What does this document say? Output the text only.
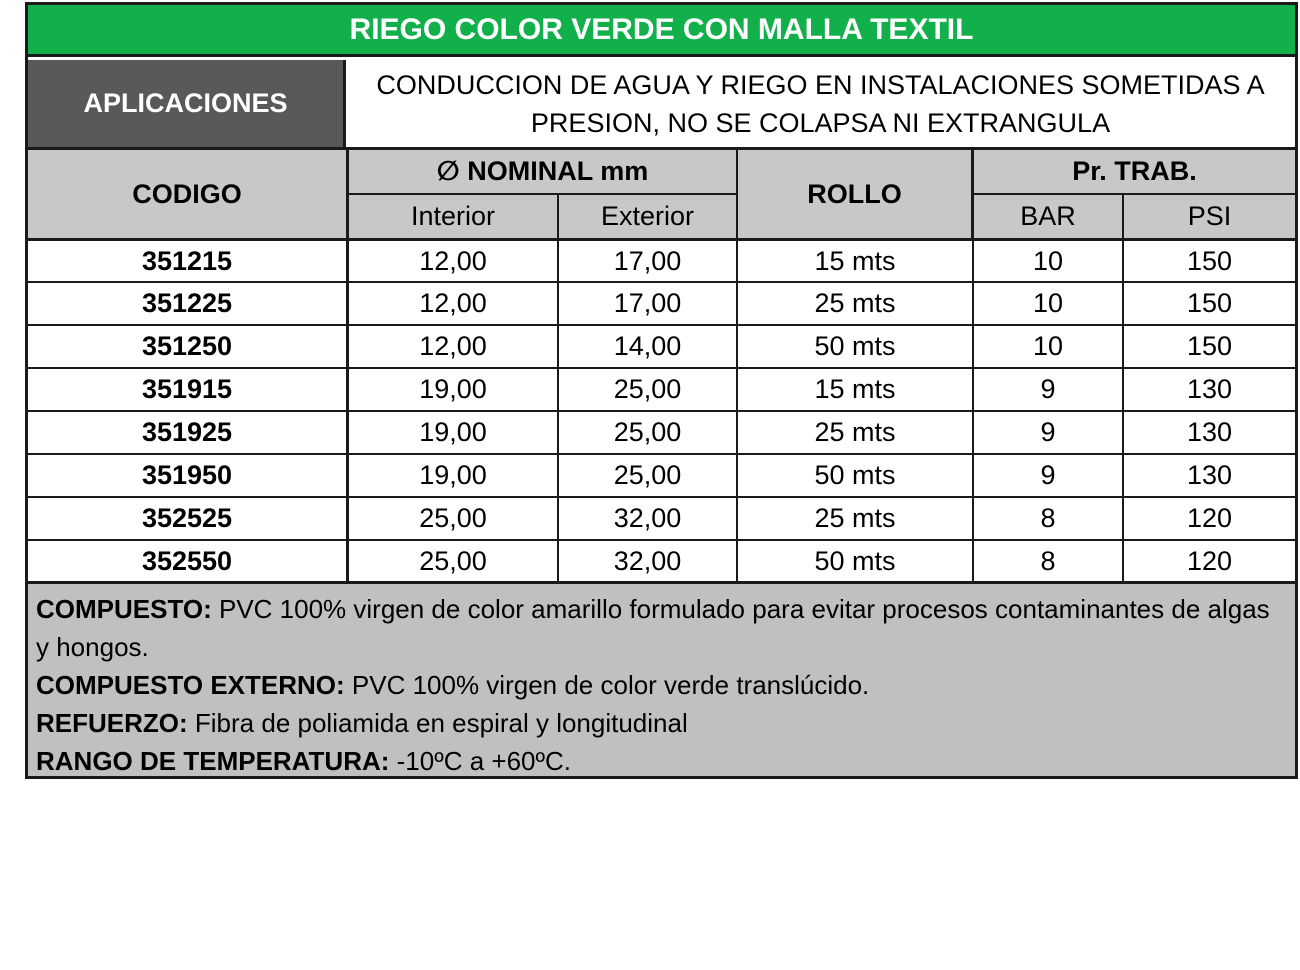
RIEGO COLOR VERDE CON MALLA TEXTIL
APLICACIONES
CONDUCCION DE AGUA Y RIEGO EN INSTALACIONES SOMETIDAS A PRESION, NO SE COLAPSA NI EXTRANGULA
CODIGO
∅ NOMINAL mm
Interior	Exterior
ROLLO
Pr. TRAB.
BAR	PSI
351215	12,00	17,00	15 mts	10	150
351225	12,00	17,00	25 mts	10	150
351250	12,00	14,00	50 mts	10	150
351915	19,00	25,00	15 mts	9	130
351925	19,00	25,00	25 mts	9	130
351950	19,00	25,00	50 mts	9	130
352525	25,00	32,00	25 mts	8	120
352550	25,00	32,00	50 mts	8	120

COMPUESTO: PVC 100% virgen de color amarillo formulado para evitar procesos contaminantes de algas y hongos.

COMPUESTO EXTERNO: PVC 100% virgen de color verde translúcido.

REFUERZO: Fibra de poliamida en espiral y longitudinal

RANGO DE TEMPERATURA: -10ºC a +60ºC.
